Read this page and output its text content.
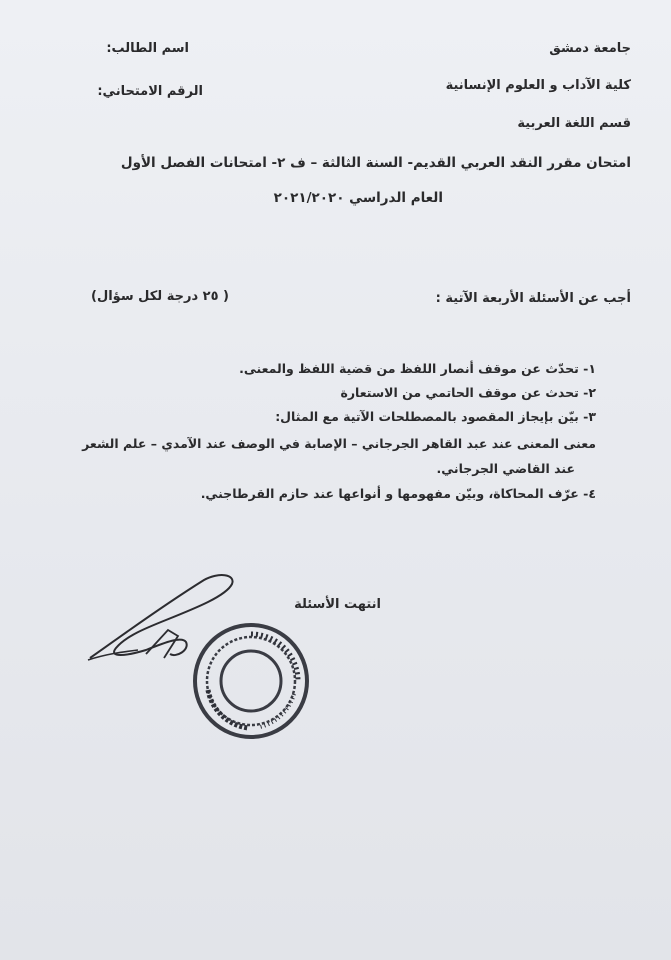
جامعة دمشق
كلية الآداب و العلوم الإنسانية
قسم اللغة العربية
اسم الطالب:
الرقم الامتحاني:
امتحان مقرر النقد العربي القديم- السنة الثالثة – ف ٢- امتحانات الفصل الأول
العام الدراسي ٢٠٢١/٢٠٢٠
أجب عن الأسئلة الأربعة الآتية :
( ٢٥ درجة لكل سؤال)
١- تحدّث عن موقف أنصار اللفظ من قضية اللفظ والمعنى.
٢- تحدث عن موقف الحاتمي من الاستعارة
٣- بيّن بإيجاز المقصود بالمصطلحات الآتية مع المثال:
معنى المعنى عند عبد القاهر الجرجاني – الإصابة في الوصف عند الآمدي – علم الشعر
عند القاضي الجرجاني.
٤- عرّف المحاكاة، وبيّن مفهومها و أنواعها عند حازم القرطاجني.
انتهت الأسئلة
